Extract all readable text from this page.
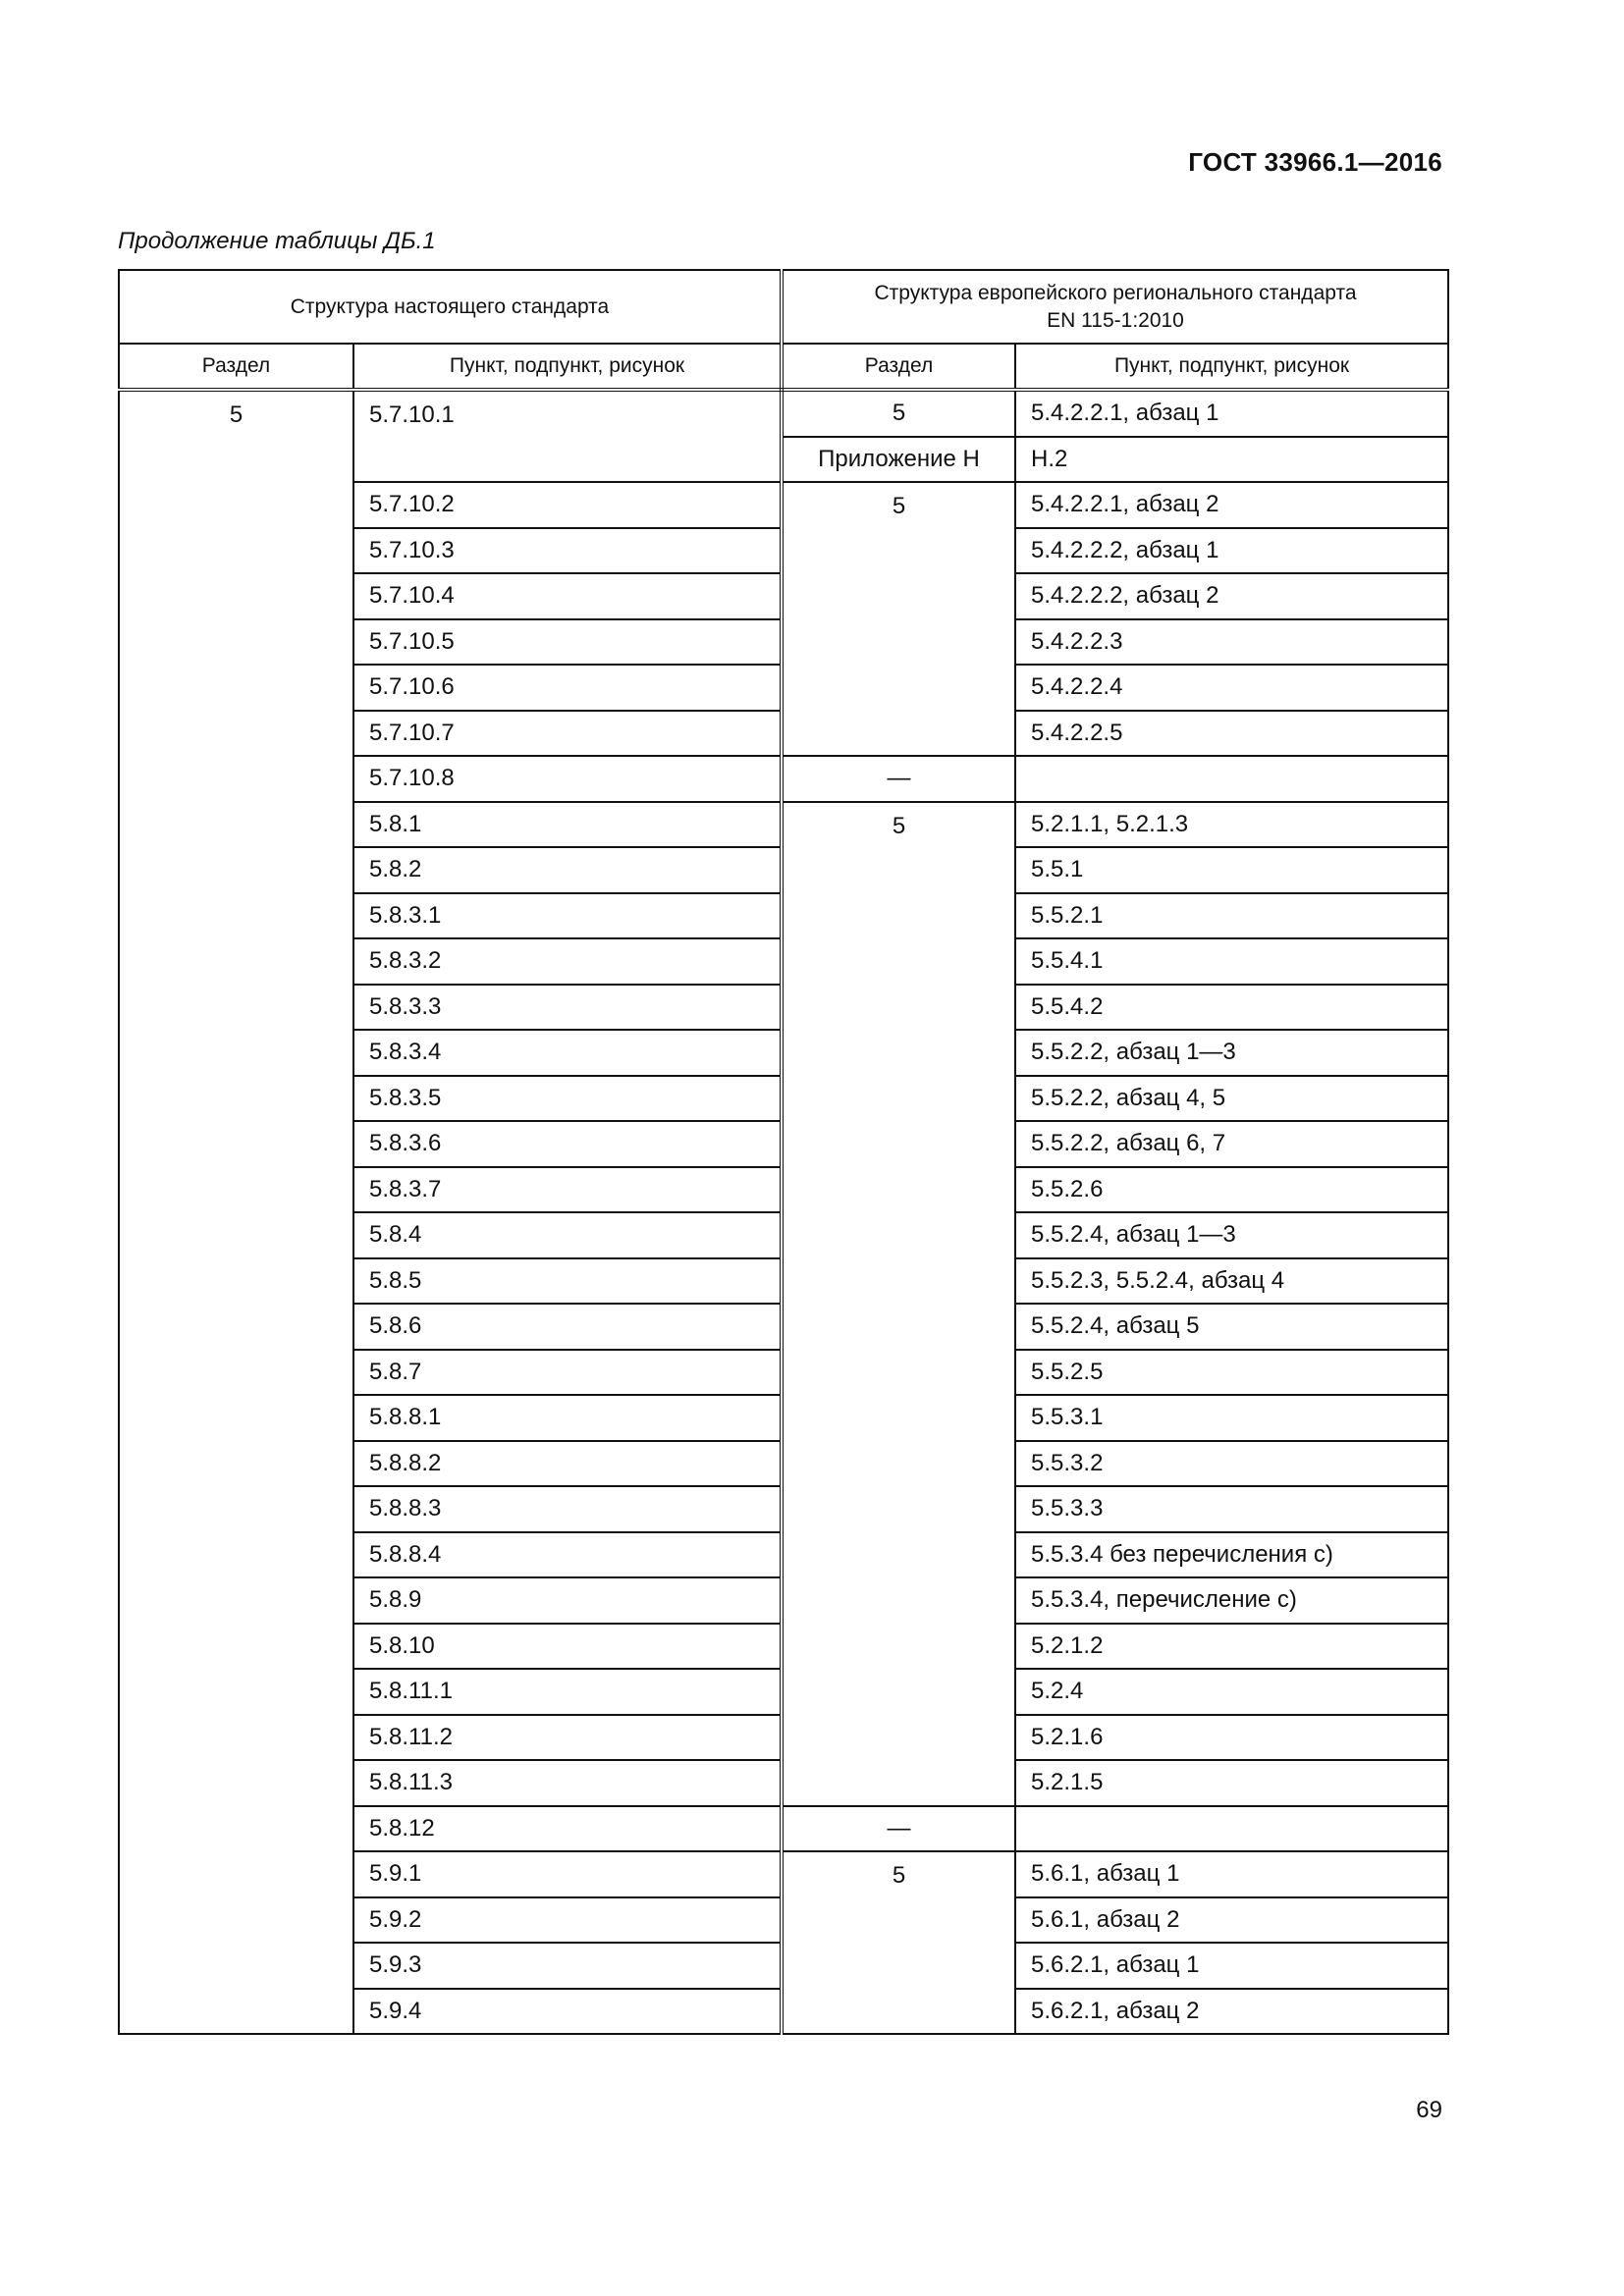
ГОСТ 33966.1—2016
Продолжение таблицы ДБ.1
Структура настоящего стандарта		Структура европейского регионального стандарта
EN 115-1:2010	
Раздел	Пункт, подпункт, рисунок	Раздел	Пункт, подпункт, рисунок
5	5.7.10.1	5	5.4.2.2.1, абзац 1
		Приложение H	H.2
	5.7.10.2	5	5.4.2.2.1, абзац 2
	5.7.10.3		5.4.2.2.2, абзац 1
	5.7.10.4		5.4.2.2.2, абзац 2
	5.7.10.5		5.4.2.2.3
	5.7.10.6		5.4.2.2.4
	5.7.10.7		5.4.2.2.5
	5.7.10.8	—	
	5.8.1	5	5.2.1.1, 5.2.1.3
	5.8.2		5.5.1
	5.8.3.1		5.5.2.1
	5.8.3.2		5.5.4.1
	5.8.3.3		5.5.4.2
	5.8.3.4		5.5.2.2, абзац 1—3
	5.8.3.5		5.5.2.2, абзац 4, 5
	5.8.3.6		5.5.2.2, абзац 6, 7
	5.8.3.7		5.5.2.6
	5.8.4		5.5.2.4, абзац 1—3
	5.8.5		5.5.2.3, 5.5.2.4, абзац 4
	5.8.6		5.5.2.4, абзац 5
	5.8.7		5.5.2.5
	5.8.8.1		5.5.3.1
	5.8.8.2		5.5.3.2
	5.8.8.3		5.5.3.3
	5.8.8.4		5.5.3.4 без перечисления c)
	5.8.9		5.5.3.4, перечисление c)
	5.8.10		5.2.1.2
	5.8.11.1		5.2.4
	5.8.11.2		5.2.1.6
	5.8.11.3		5.2.1.5
	5.8.12	—	
	5.9.1	5	5.6.1, абзац 1
	5.9.2		5.6.1, абзац 2
	5.9.3		5.6.2.1, абзац 1
	5.9.4		5.6.2.1, абзац 2
69
